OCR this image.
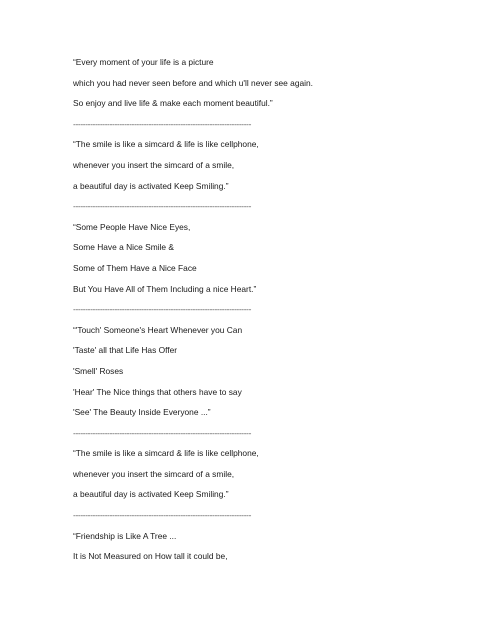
“Every moment of your life is a picture
which you had never seen before and which u'll never see again.
So enjoy and live life & make each moment beautiful.”
-------------------------------------------------------------------------
“The smile is like a simcard & life is like cellphone,
whenever you insert the simcard of a smile,
a beautiful day is activated Keep Smiling.”
-------------------------------------------------------------------------
“Some People Have Nice Eyes,
Some Have a Nice Smile &
Some of Them Have a Nice Face
But You Have All of Them Including a nice Heart.”
-------------------------------------------------------------------------
“'Touch' Someone's Heart Whenever you Can
'Taste' all that Life Has Offer
'Smell' Roses
'Hear' The Nice things that others have to say
'See' The Beauty Inside Everyone ...”
-------------------------------------------------------------------------
“The smile is like a simcard & life is like cellphone,
whenever you insert the simcard of a smile,
a beautiful day is activated Keep Smiling.”
-------------------------------------------------------------------------
“Friendship is Like A Tree ...
It is Not Measured on How tall it could be,
